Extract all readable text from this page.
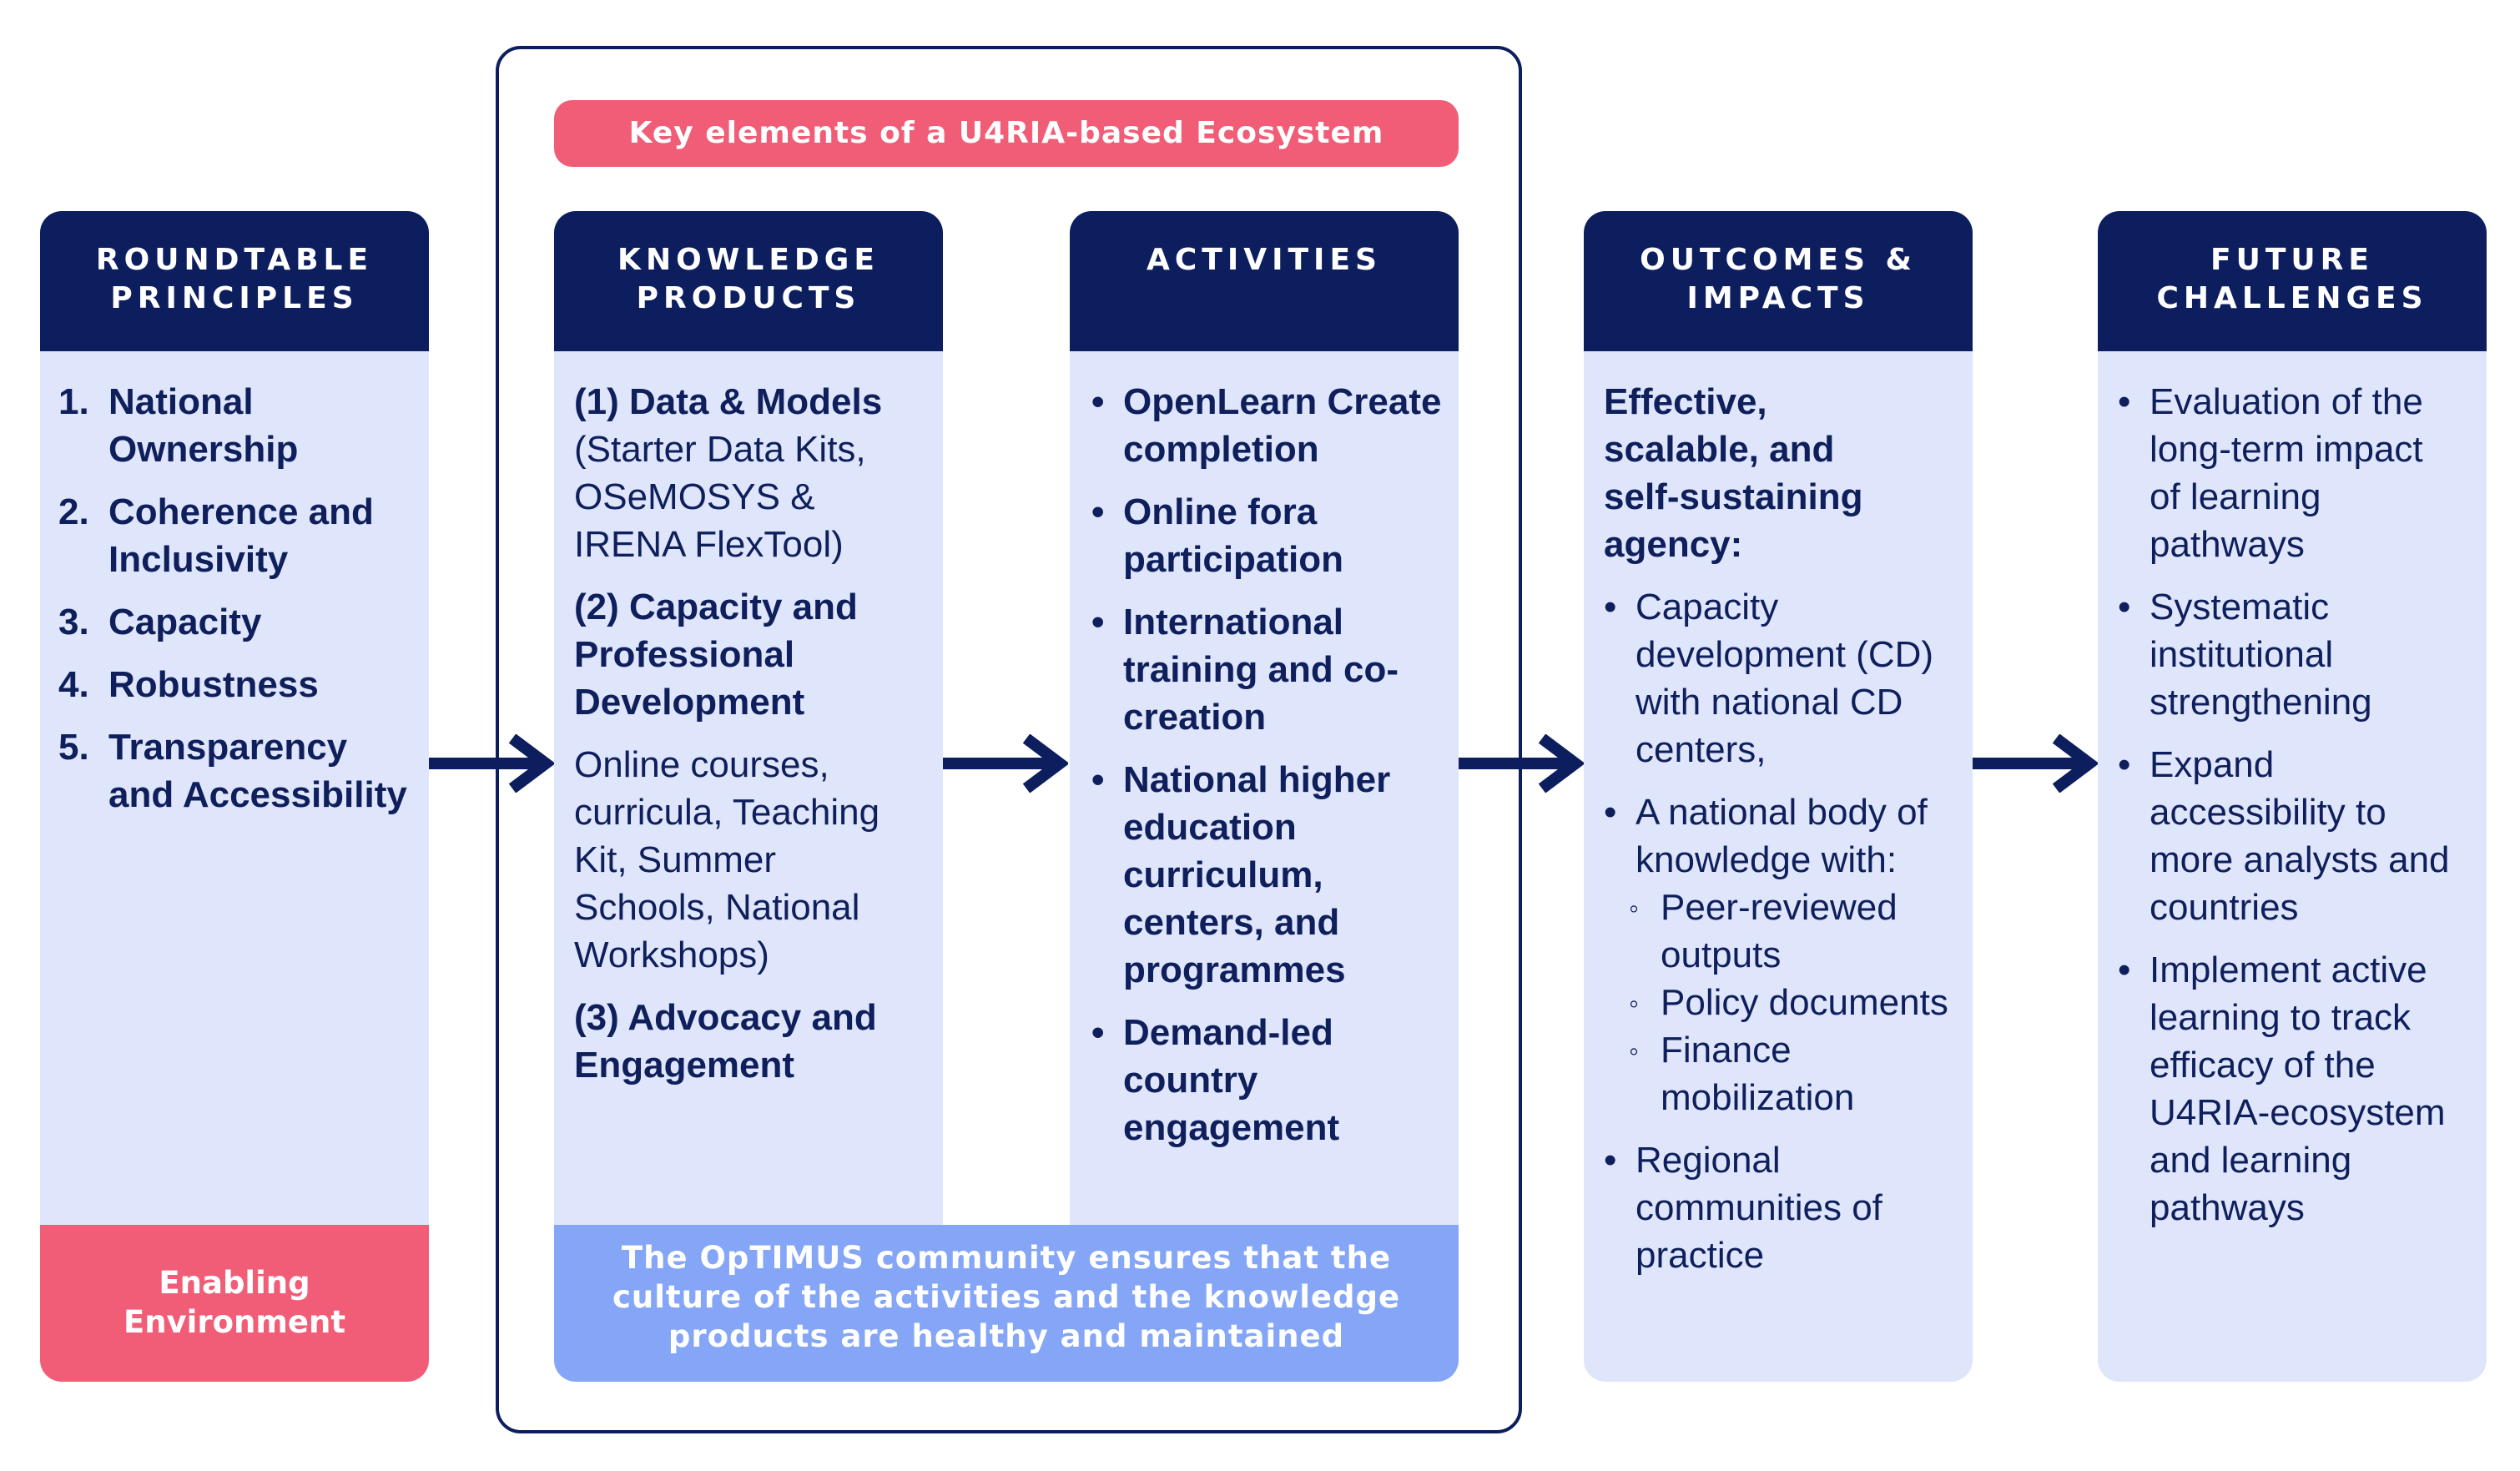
Key elements of a U4RIA-based Ecosystem
ROUNDTABLE
PRINCIPLES
1. National
Ownership
2. Coherence and
Inclusivity
3. Capacity
4. Robustness
5. Transparency
and Accessibility
Enabling
Environment
KNOWLEDGE
PRODUCTS
(1) Data & Models
(Starter Data Kits,
OSeMOSYS &
IRENA FlexTool)
(2) Capacity and Professional Development
Online courses,
curricula, Teaching
Kit, Summer
Schools, National
Workshops)
(3) Advocacy and Engagement
ACTIVITIES
• OpenLearn Create completion
• Online fora participation
• International training and co-creation
• National higher education curriculum, centers, and programmes
• Demand-led country engagement
The OpTIMUS community ensures that the
culture of the activities and the knowledge
products are healthy and maintained
OUTCOMES &
IMPACTS
Effective, scalable, and self-sustaining agency:
• Capacity development (CD) with national CD centers,
• A national body of knowledge with:
◦ Peer-reviewed outputs
◦ Policy documents
◦ Finance mobilization
• Regional communities of practice
FUTURE
CHALLENGES
• Evaluation of the long-term impact of learning pathways
• Systematic institutional strengthening
• Expand accessibility to more analysts and countries
• Implement active learning to track efficacy of the U4RIA-ecosystem and learning pathways
